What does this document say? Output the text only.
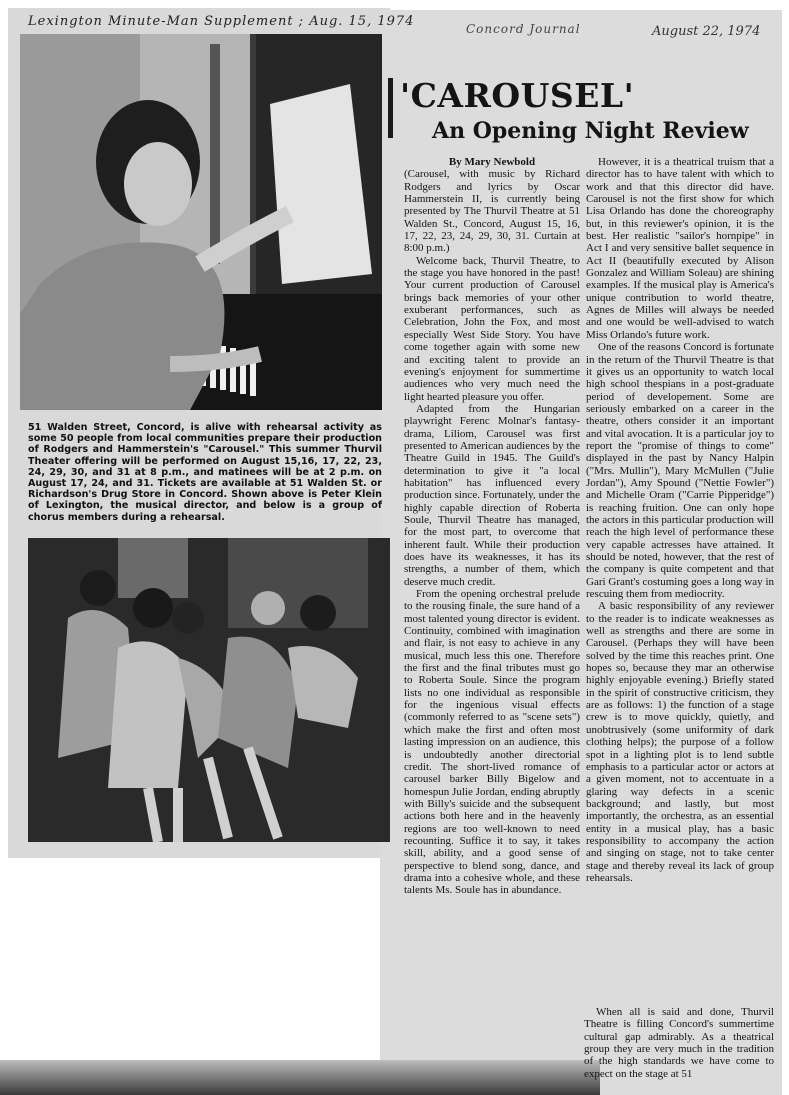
Lexington Minute-Man Supplement ; Aug. 15, 1974	Concord Journal	August 22, 1974
51 Walden Street, Concord, is alive with rehearsal activity as some 50 people from local communities prepare their production of Rodgers and Hammerstein's "Carousel." This summer Thurvil Theater offering will be performed on August 15,16, 17, 22, 23, 24, 29, 30, and 31 at 8 p.m., and matinees will be at 2 p.m. on August 17, 24, and 31. Tickets are available at 51 Walden St. or Richardson's Drug Store in Concord. Shown above is Peter Klein of Lexington, the musical director, and below is a group of chorus members during a rehearsal.
'CAROUSEL'
An Opening Night Review

By Mary Newbold

(Carousel, with music by Richard Rodgers and lyrics by Oscar Hammerstein II, is currently being presented by The Thurvil Theatre at 51 Walden St., Concord, August 15, 16, 17, 22, 23, 24, 29, 30, 31. Curtain at 8:00 p.m.)

Welcome back, Thurvil Theatre, to the stage you have honored in the past! Your current production of Carousel brings back memories of your other exuberant performances, such as Celebration, John the Fox, and most especially West Side Story. You have come together again with some new and exciting talent to provide an evening's enjoyment for summertime audiences who very much need the light hearted pleasure you offer.

Adapted from the Hungarian playwright Ferenc Molnar's fantasy-drama, Liliom, Carousel was first presented to American audiences by the Theatre Guild in 1945. The Guild's determination to give it "a local habitation" has influenced every production since. Fortunately, under the highly capable direction of Roberta Soule, Thurvil Theatre has managed, for the most part, to overcome that inherent fault. While their production does have its weaknesses, it has its strengths, a number of them, which deserve much credit.

From the opening orchestral prelude to the rousing finale, the sure hand of a most talented young director is evident. Continuity, combined with imagination and flair, is not easy to achieve in any musical, much less this one. Therefore the first and the final tributes must go to Roberta Soule. Since the program lists no one individual as responsible for the ingenious visual effects (commonly referred to as "scene sets") which make the first and often most lasting impression on an audience, this is undoubtedly another directorial credit. The short-lived romance of carousel barker Billy Bigelow and homespun Julie Jordan, ending abruptly with Billy's suicide and the subsequent actions both here and in the heavenly regions are too well-known to need recounting. Suffice it to say, it takes skill, ability, and a good sense of perspective to blend song, dance, and drama into a cohesive whole, and these talents Ms. Soule has in abundance.

However, it is a theatrical truism that a director has to have talent with which to work and that this director did have. Carousel is not the first show for which Lisa Orlando has done the choreography but, in this reviewer's opinion, it is the best. Her realistic "sailor's hornpipe" in Act I and very sensitive ballet sequence in Act II (beautifully executed by Alison Gonzalez and William Soleau) are shining examples. If the musical play is America's unique contribution to world theatre, Agnes de Milles will always be needed and one would be well-advised to watch Miss Orlando's future work.

One of the reasons Concord is fortunate in the return of the Thurvil Theatre is that it gives us an opportunity to watch local high school thespians in a post-graduate period of developement. Some are seriously embarked on a career in the theatre, others consider it an important and vital avocation. It is a particular joy to report the "promise of things to come" displayed in the past by Nancy Halpin ("Mrs. Mullin"), Mary McMullen ("Julie Jordan"), Amy Spound ("Nettie Fowler") and Michelle Oram ("Carrie Pipperidge") is reaching fruition. One can only hope the actors in this particular production will reach the high level of performance these very capable actresses have attained. It should be noted, however, that the rest of the company is quite competent and that Gari Grant's costuming goes a long way in rescuing them from mediocrity.

A basic responsibility of any reviewer to the reader is to indicate weaknesses as well as strengths and there are some in Carousel. (Perhaps they will have been solved by the time this reaches print. One hopes so, because they mar an otherwise highly enjoyable evening.) Briefly stated in the spirit of constructive criticism, they are as follows: 1) the function of a stage crew is to move quickly, quietly, and unobtrusively (some uniformity of dark clothing helps); the purpose of a follow spot in a lighting plot is to lend subtle emphasis to a particular actor or actors at a given moment, not to accentuate in a glaring way defects in a scenic background; and lastly, but most importantly, the orchestra, as an essential entity in a musical play, has a basic responsibility to accompany the action and singing on stage, not to take center stage and thereby reveal its lack of group rehearsals.

When all is said and done, Thurvil Theatre is filling Concord's summertime cultural gap admirably. As a theatrical group they are very much in the tradition of the high standards we have come to expect on the stage at 51
